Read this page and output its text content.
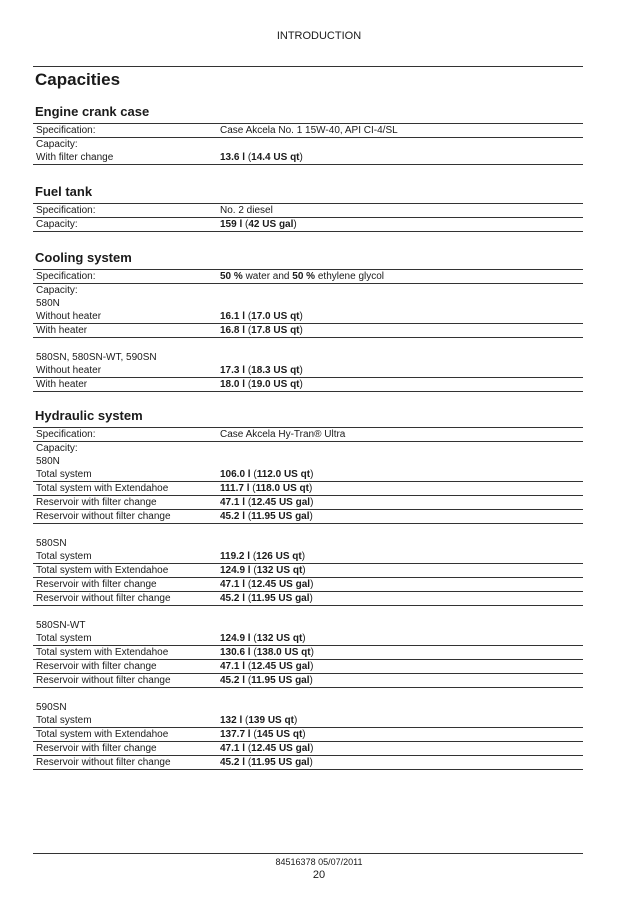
INTRODUCTION
Capacities
Engine crank case
Specification:	Case Akcela No. 1 15W-40, API CI-4/SL
Capacity:
With filter change	13.6 l (14.4 US qt)
Fuel tank
Specification:	No. 2 diesel
Capacity:	159 l (42 US gal)
Cooling system
Specification:	50 % water and 50 % ethylene glycol
Capacity:
580N
Without heater	16.1 l (17.0 US qt)
With heater	16.8 l (17.8 US qt)
580SN, 580SN-WT, 590SN
Without heater	17.3 l (18.3 US qt)
With heater	18.0 l (19.0 US qt)
Hydraulic system
Specification:	Case Akcela Hy-Tran® Ultra
Capacity:
580N
Total system	106.0 l (112.0 US qt)
Total system with Extendahoe	111.7 l (118.0 US qt)
Reservoir with filter change	47.1 l (12.45 US gal)
Reservoir without filter change	45.2 l (11.95 US gal)
580SN
Total system	119.2 l (126 US qt)
Total system with Extendahoe	124.9 l (132 US qt)
Reservoir with filter change	47.1 l (12.45 US gal)
Reservoir without filter change	45.2 l (11.95 US gal)
580SN-WT
Total system	124.9 l (132 US qt)
Total system with Extendahoe	130.6 l (138.0 US qt)
Reservoir with filter change	47.1 l (12.45 US gal)
Reservoir without filter change	45.2 l (11.95 US gal)
590SN
Total system	132 l (139 US qt)
Total system with Extendahoe	137.7 l (145 US qt)
Reservoir with filter change	47.1 l (12.45 US gal)
Reservoir without filter change	45.2 l (11.95 US gal)
84516378 05/07/2011
20
